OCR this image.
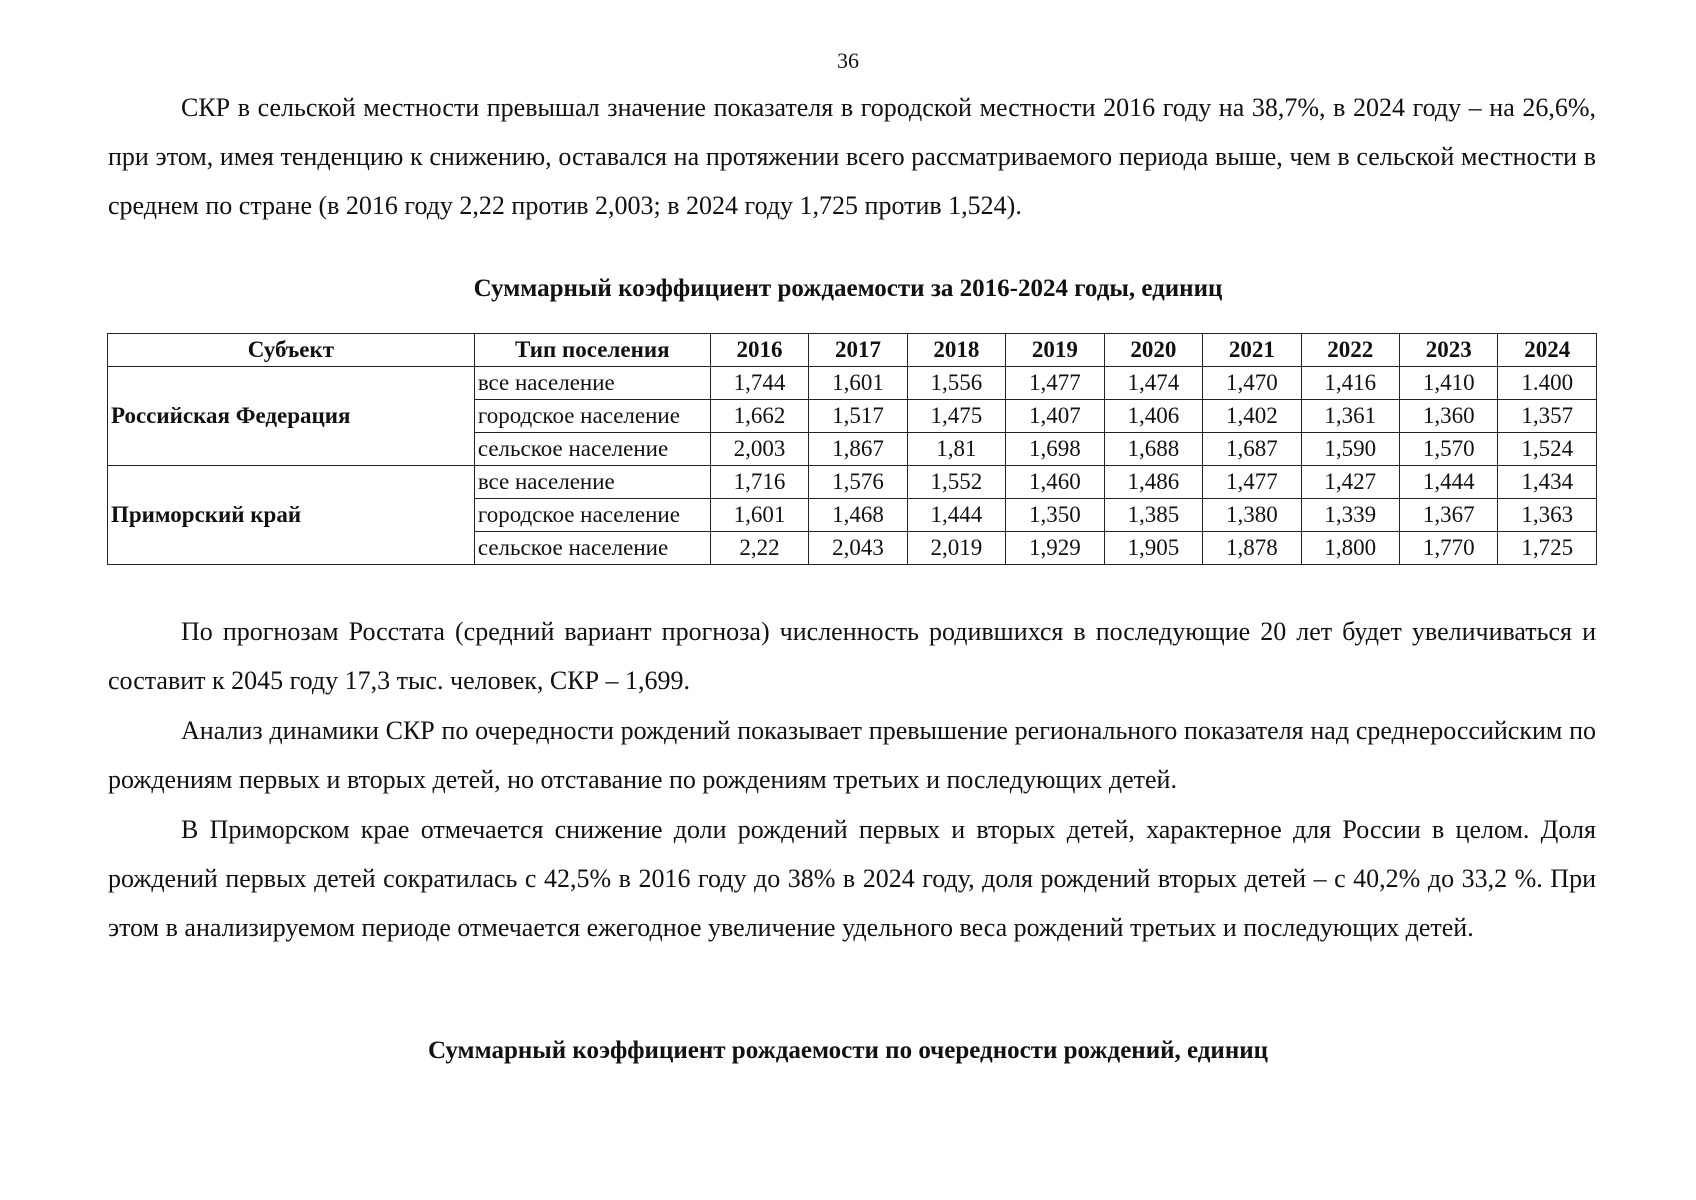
36

СКР в сельской местности превышал значение показателя в городской местности 2016 году на 38,7%, в 2024 году – на 26,6%, при этом, имея тенденцию к снижению, оставался на протяжении всего рассматриваемого периода выше, чем в сельской местности в среднем по стране (в 2016 году 2,22 против 2,003; в 2024 году 1,725 против 1,524).

Суммарный коэффициент рождаемости за 2016-2024 годы, единиц
Субъект	Тип поселения	2016	2017	2018	2019	2020	2021	2022	2023	2024
Российская Федерация	все население	1,744	1,601	1,556	1,477	1,474	1,470	1,416	1,410	1.400
	городское население	1,662	1,517	1,475	1,407	1,406	1,402	1,361	1,360	1,357
	сельское население	2,003	1,867	1,81	1,698	1,688	1,687	1,590	1,570	1,524
Приморский край	все население	1,716	1,576	1,552	1,460	1,486	1,477	1,427	1,444	1,434
	городское население	1,601	1,468	1,444	1,350	1,385	1,380	1,339	1,367	1,363
	сельское население	2,22	2,043	2,019	1,929	1,905	1,878	1,800	1,770	1,725

По прогнозам Росстата (средний вариант прогноза) численность родившихся в последующие 20 лет будет увеличиваться и составит к 2045 году 17,3 тыс. человек, СКР – 1,699.

Анализ динамики СКР по очередности рождений показывает превышение регионального показателя над среднероссийским по рождениям первых и вторых детей, но отставание по рождениям третьих и последующих детей.

В Приморском крае отмечается снижение доли рождений первых и вторых детей, характерное для России в целом. Доля рождений первых детей сократилась с 42,5% в 2016 году до 38% в 2024 году, доля рождений вторых детей – с 40,2% до 33,2 %. При этом в анализируемом периоде отмечается ежегодное увеличение удельного веса рождений третьих и последующих детей.

Суммарный коэффициент рождаемости по очередности рождений, единиц
